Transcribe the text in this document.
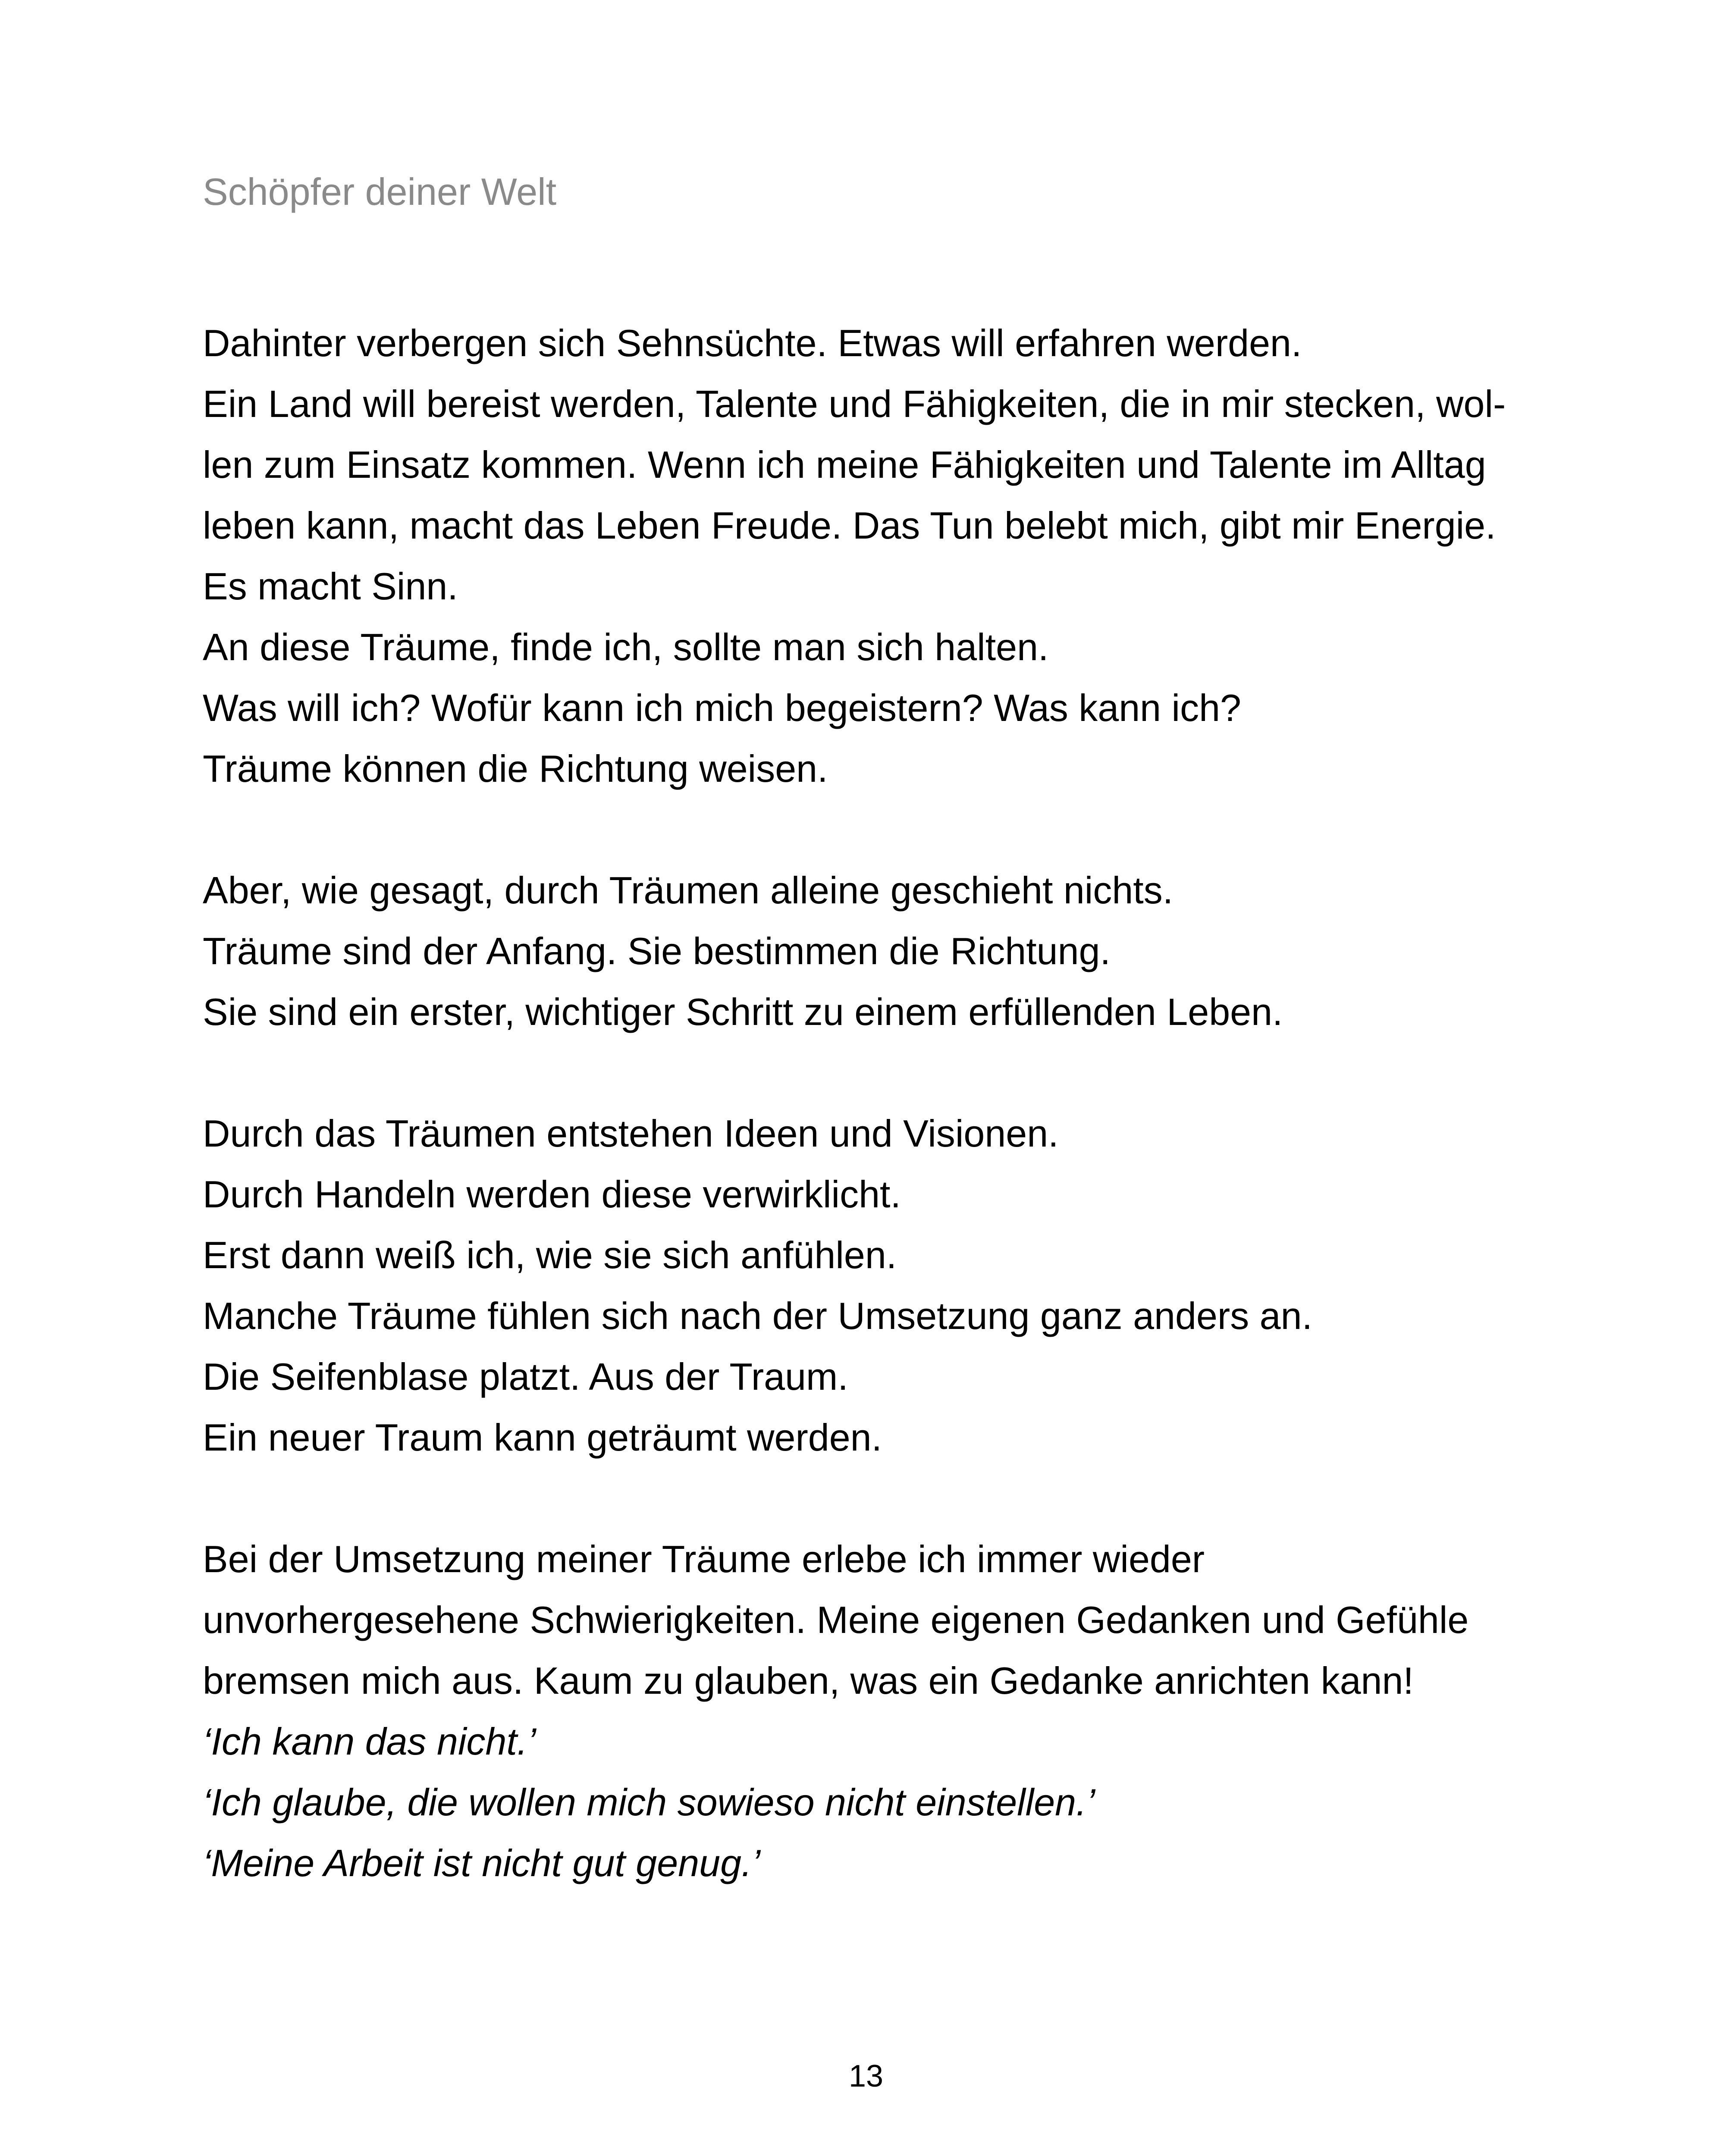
Schöpfer deiner Welt

Dahinter verbergen sich Sehnsüchte. Etwas will erfahren werden.
Ein Land will bereist werden, Talente und Fähigkeiten, die in mir stecken, wol-
len zum Einsatz kommen. Wenn ich meine Fähigkeiten und Talente im Alltag
leben kann, macht das Leben Freude. Das Tun belebt mich, gibt mir Energie.
Es macht Sinn.
An diese Träume, finde ich, sollte man sich halten.
Was will ich? Wofür kann ich mich begeistern? Was kann ich?
Träume können die Richtung weisen.

Aber, wie gesagt, durch Träumen alleine geschieht nichts.
Träume sind der Anfang. Sie bestimmen die Richtung.
Sie sind ein erster, wichtiger Schritt zu einem erfüllenden Leben.

Durch das Träumen entstehen Ideen und Visionen.
Durch Handeln werden diese verwirklicht.
Erst dann weiß ich, wie sie sich anfühlen.
Manche Träume fühlen sich nach der Umsetzung ganz anders an.
Die Seifenblase platzt. Aus der Traum.
Ein neuer Traum kann geträumt werden.

Bei der Umsetzung meiner Träume erlebe ich immer wieder
unvorhergesehene Schwierigkeiten. Meine eigenen Gedanken und Gefühle
bremsen mich aus. Kaum zu glauben, was ein Gedanke anrichten kann!
‘Ich kann das nicht.’
‘Ich glaube, die wollen mich sowieso nicht einstellen.’
‘Meine Arbeit ist nicht gut genug.’

13
